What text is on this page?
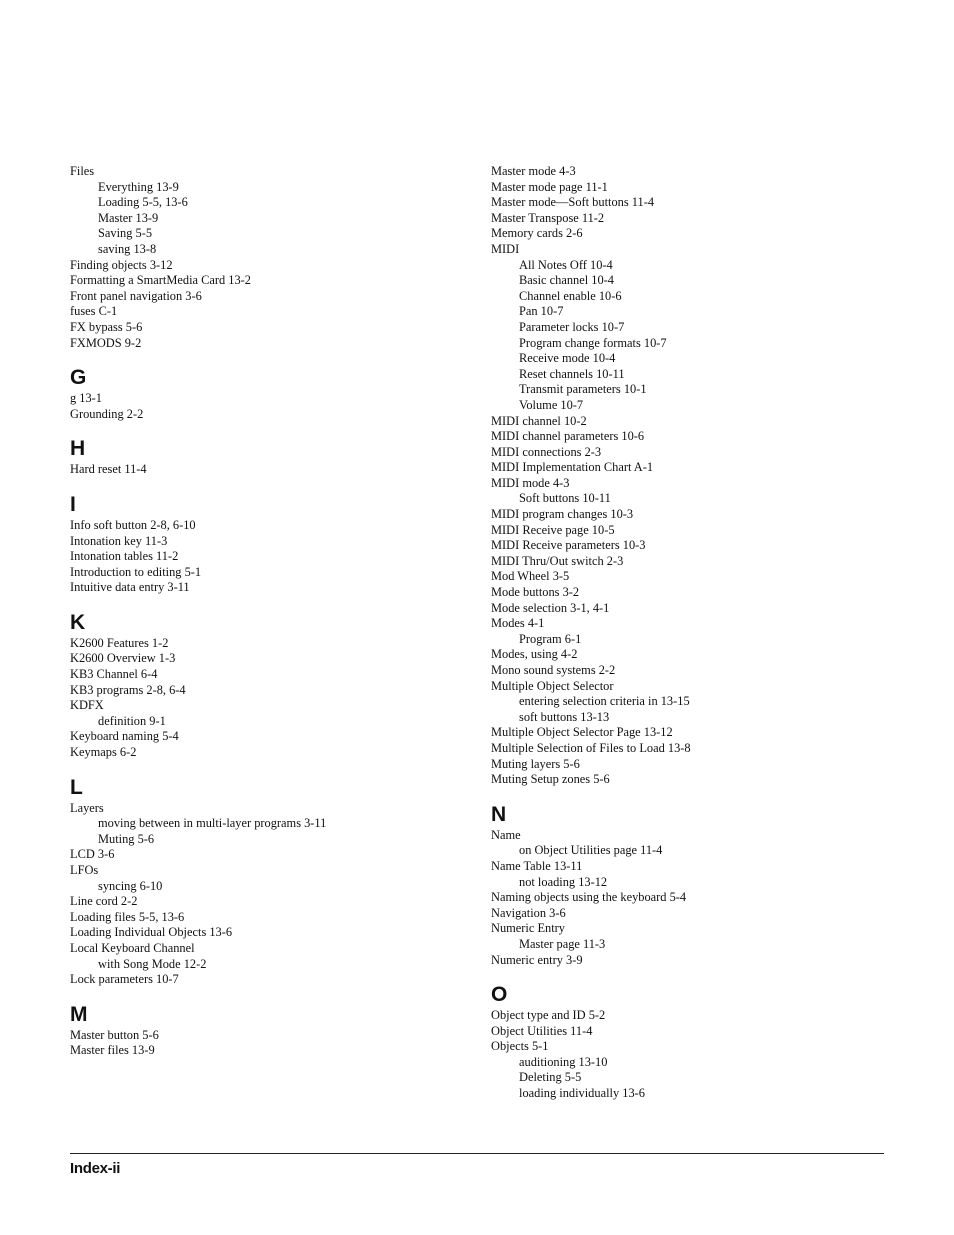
Files
Everything 13-9
Loading 5-5, 13-6
Master 13-9
Saving 5-5
saving 13-8
Finding objects 3-12
Formatting a SmartMedia Card 13-2
Front panel navigation 3-6
fuses C-1
FX bypass 5-6
FXMODS 9-2
G
g 13-1
Grounding 2-2
H
Hard reset 11-4
I
Info soft button 2-8, 6-10
Intonation key 11-3
Intonation tables 11-2
Introduction to editing 5-1
Intuitive data entry 3-11
K
K2600 Features 1-2
K2600 Overview 1-3
KB3 Channel 6-4
KB3 programs 2-8, 6-4
KDFX
definition 9-1
Keyboard naming 5-4
Keymaps 6-2
L
Layers
moving between in multi-layer programs 3-11
Muting 5-6
LCD 3-6
LFOs
syncing 6-10
Line cord 2-2
Loading files 5-5, 13-6
Loading Individual Objects 13-6
Local Keyboard Channel
with Song Mode 12-2
Lock parameters 10-7
M
Master button 5-6
Master files 13-9
Master mode 4-3
Master mode page 11-1
Master mode—Soft buttons 11-4
Master Transpose 11-2
Memory cards 2-6
MIDI
All Notes Off 10-4
Basic channel 10-4
Channel enable 10-6
Pan 10-7
Parameter locks 10-7
Program change formats 10-7
Receive mode 10-4
Reset channels 10-11
Transmit parameters 10-1
Volume 10-7
MIDI channel 10-2
MIDI channel parameters 10-6
MIDI connections 2-3
MIDI Implementation Chart A-1
MIDI mode 4-3
Soft buttons 10-11
MIDI program changes 10-3
MIDI Receive page 10-5
MIDI Receive parameters 10-3
MIDI Thru/Out switch 2-3
Mod Wheel 3-5
Mode buttons 3-2
Mode selection 3-1, 4-1
Modes 4-1
Program 6-1
Modes, using 4-2
Mono sound systems 2-2
Multiple Object Selector
entering selection criteria in 13-15
soft buttons 13-13
Multiple Object Selector Page 13-12
Multiple Selection of Files to Load 13-8
Muting layers 5-6
Muting Setup zones 5-6
N
Name
on Object Utilities page 11-4
Name Table 13-11
not loading 13-12
Naming objects using the keyboard 5-4
Navigation 3-6
Numeric Entry
Master page 11-3
Numeric entry 3-9
O
Object type and ID 5-2
Object Utilities 11-4
Objects 5-1
auditioning 13-10
Deleting 5-5
loading individually 13-6
Index-ii
